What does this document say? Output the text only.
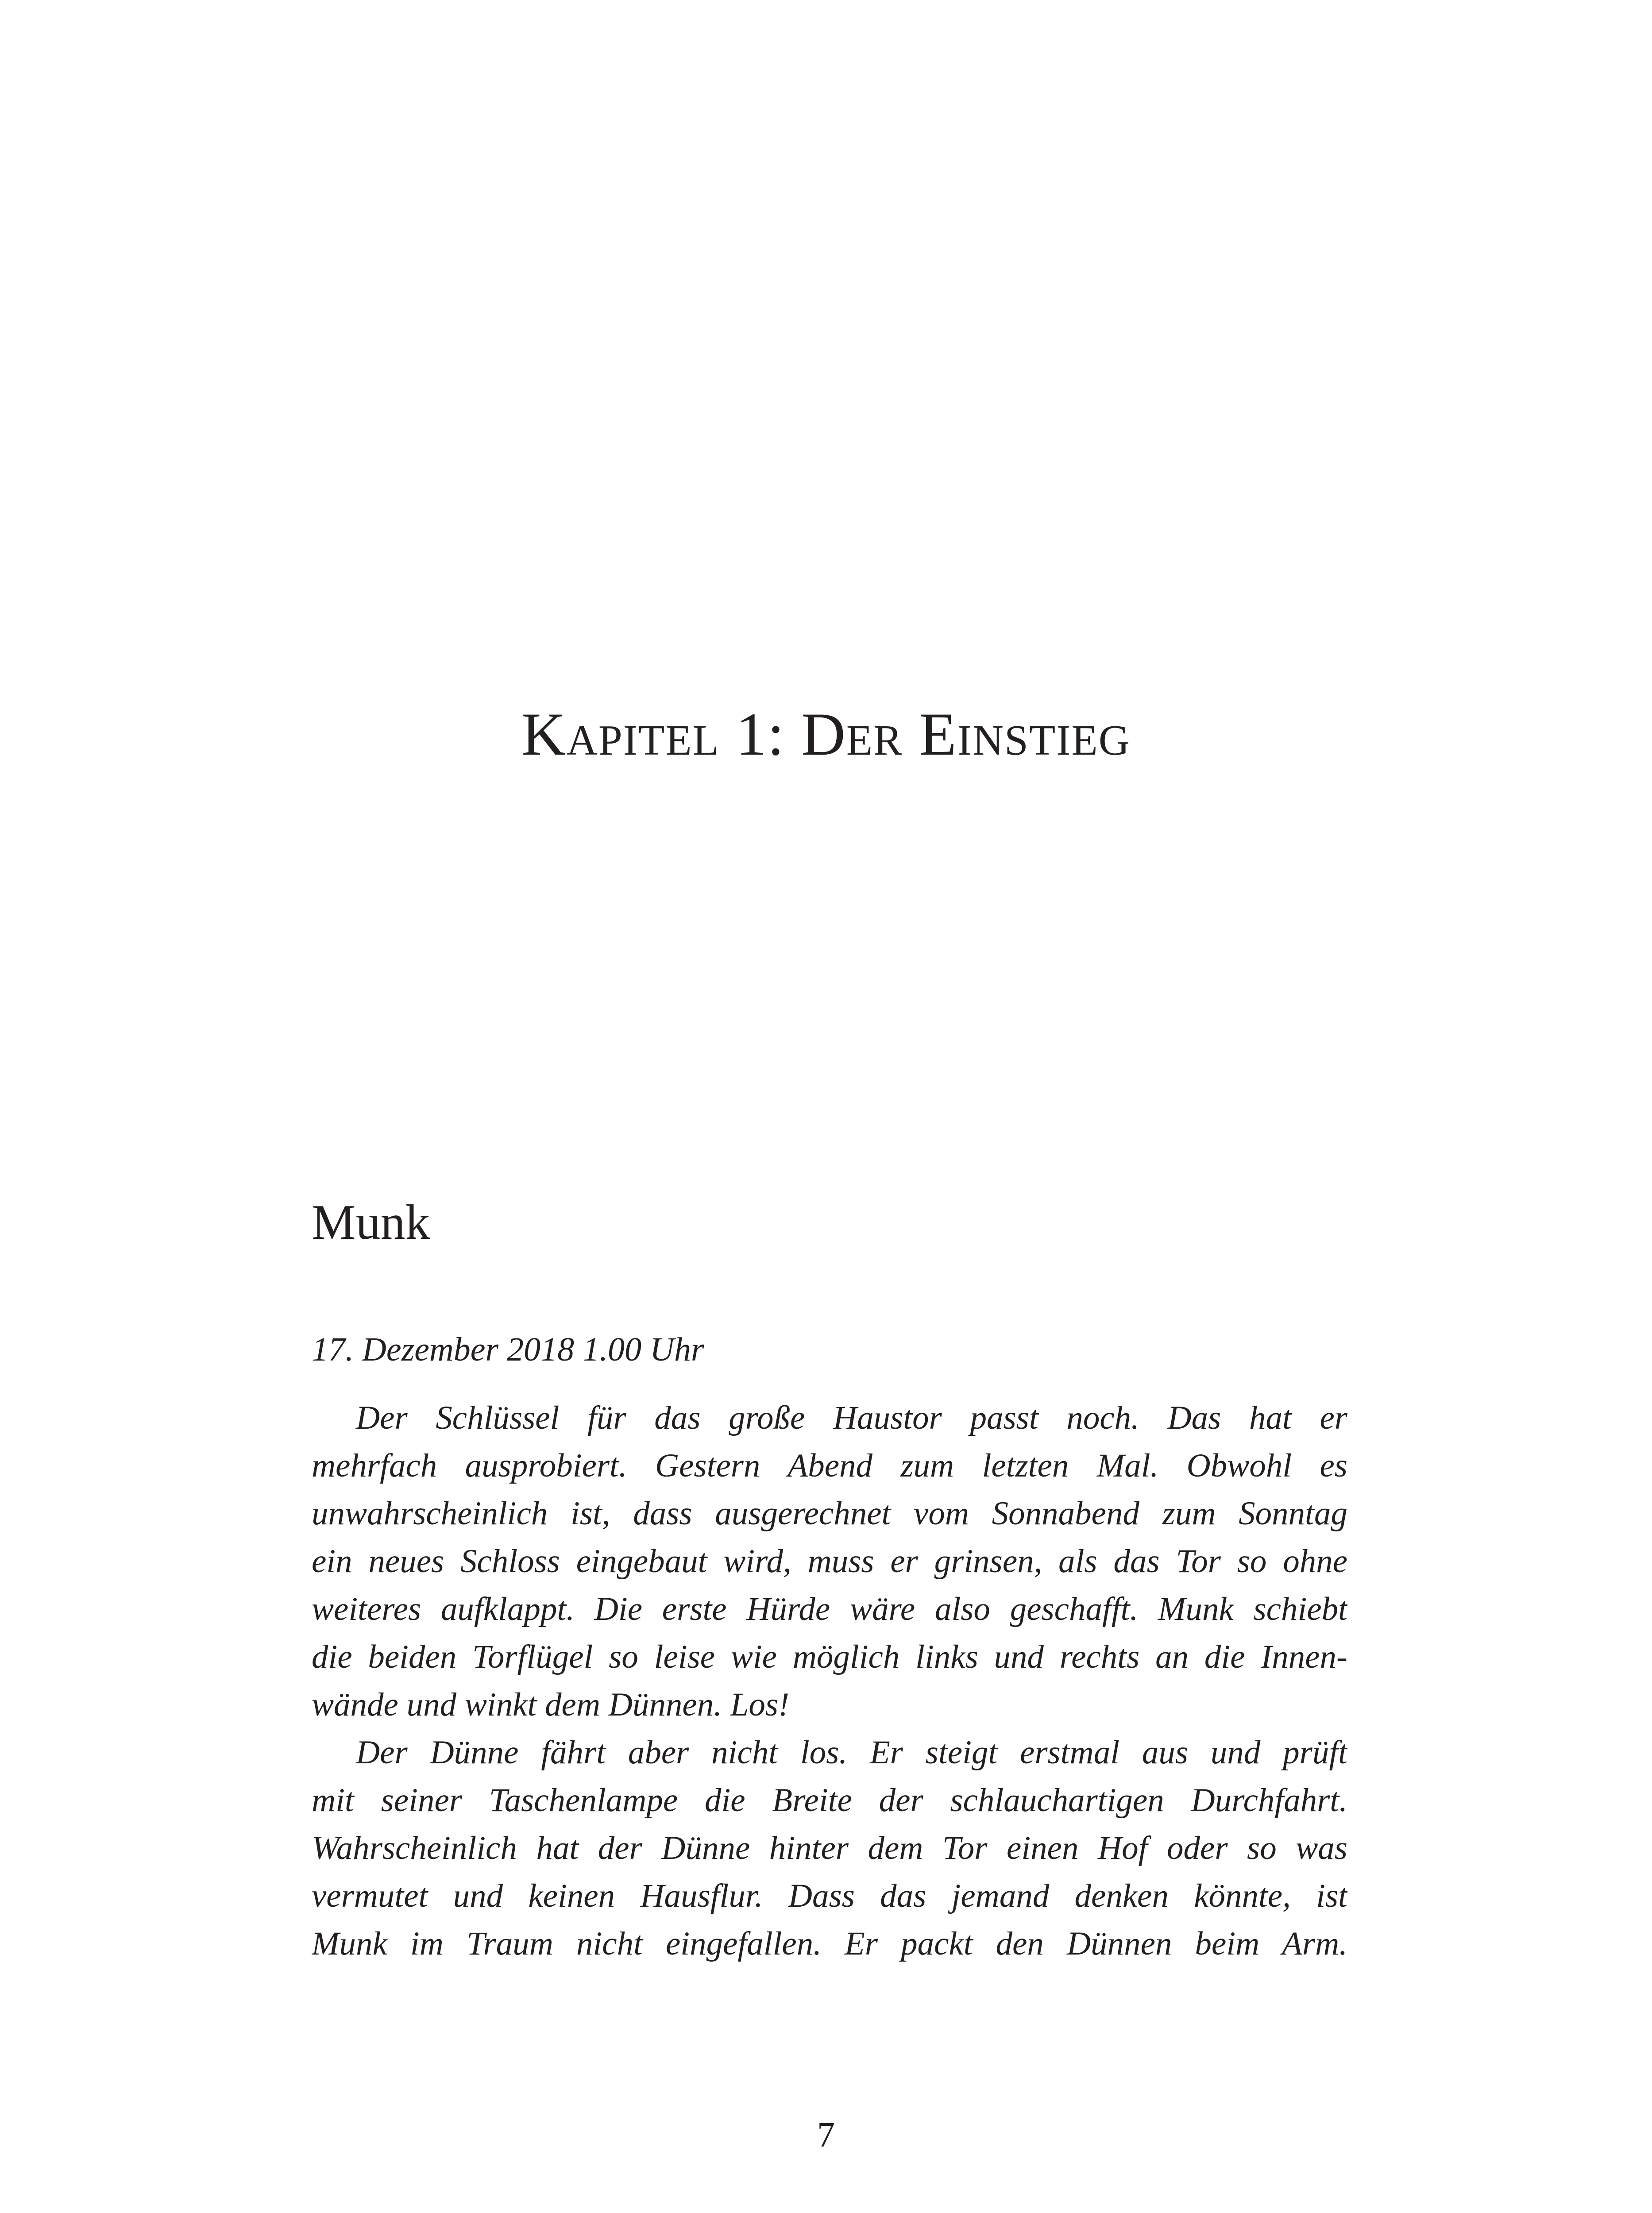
Kapitel 1: Der Einstieg
Munk

17. Dezember 2018 1.00 Uhr

Der Schlüssel für das große Haustor passt noch. Das hat er
mehrfach ausprobiert. Gestern Abend zum letzten Mal. Obwohl es
unwahrscheinlich ist, dass ausgerechnet vom Sonnabend zum Sonntag
ein neues Schloss eingebaut wird, muss er grinsen, als das Tor so ohne
weiteres aufklappt. Die erste Hürde wäre also geschafft. Munk schiebt
die beiden Torflügel so leise wie möglich links und rechts an die Innen-
wände und winkt dem Dünnen. Los!
Der Dünne fährt aber nicht los. Er steigt erstmal aus und prüft
mit seiner Taschenlampe die Breite der schlauchartigen Durchfahrt.
Wahrscheinlich hat der Dünne hinter dem Tor einen Hof oder so was
vermutet und keinen Hausflur. Dass das jemand denken könnte, ist
Munk im Traum nicht eingefallen. Er packt den Dünnen beim Arm.

7
